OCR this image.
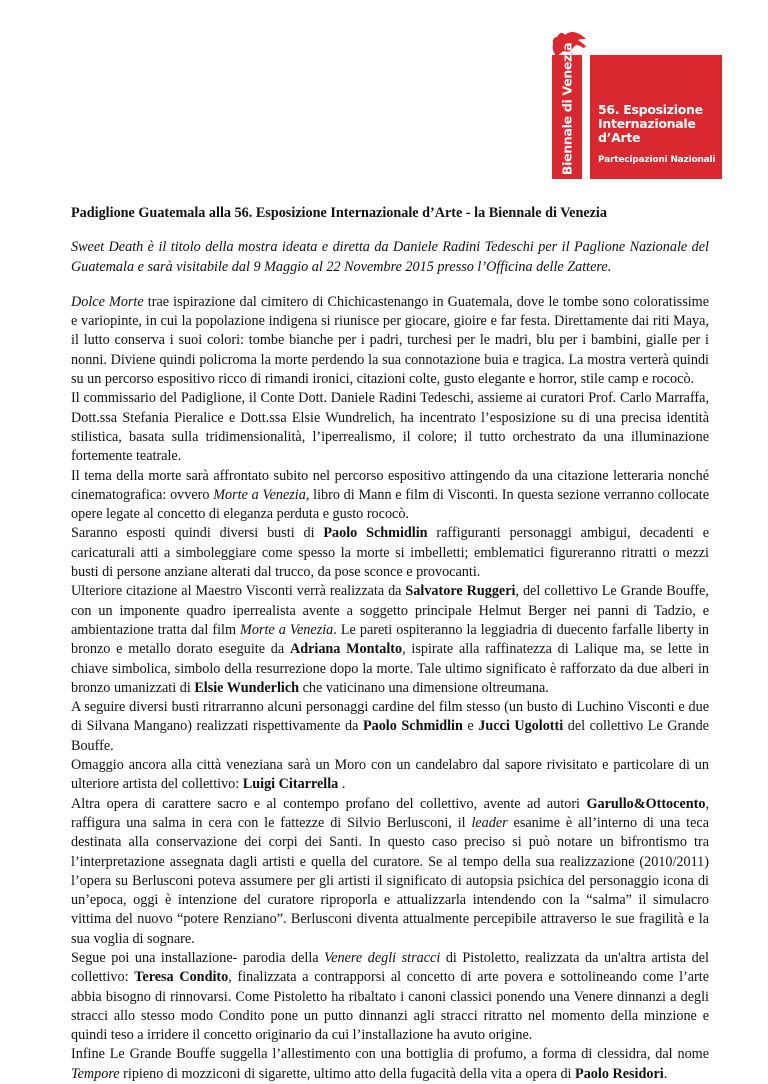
la Biennale di Venezia 56. Esposizione
Internazionale
d’Arte
Partecipazioni Nazionali

Padiglione Guatemala alla 56. Esposizione Internazionale d’Arte - la Biennale di Venezia

Sweet Death è il titolo della mostra ideata e diretta da Daniele Radini Tedeschi per il Paglione Nazionale del Guatemala e sarà visitabile dal 9 Maggio al 22 Novembre 2015 presso l’Officina delle Zattere.

Dolce Morte trae ispirazione dal cimitero di Chichicastenango in Guatemala, dove le tombe sono coloratissime e variopinte, in cui la popolazione indigena si riunisce per giocare, gioire e far festa. Direttamente dai riti Maya, il lutto conserva i suoi colori: tombe bianche per i padri, turchesi per le madri, blu per i bambini, gialle per i nonni. Diviene quindi policroma la morte perdendo la sua connotazione buia e tragica. La mostra verterà quindi su un percorso espositivo ricco di rimandi ironici, citazioni colte, gusto elegante e horror, stile camp e rococò.

Il commissario del Padiglione, il Conte Dott. Daniele Radini Tedeschi, assieme ai curatori Prof. Carlo Marraffa, Dott.ssa Stefania Pieralice e Dott.ssa Elsie Wundrelich, ha incentrato l’esposizione su di una precisa identità stilistica, basata sulla tridimensionalità, l’iperrealismo, il colore; il tutto orchestrato da una illuminazione fortemente teatrale.

Il tema della morte sarà affrontato subito nel percorso espositivo attingendo da una citazione letteraria nonché cinematografica: ovvero Morte a Venezia, libro di Mann e film di Visconti. In questa sezione verranno collocate opere legate al concetto di eleganza perduta e gusto rococò.

Saranno esposti quindi diversi busti di Paolo Schmidlin raffiguranti personaggi ambigui, decadenti e caricaturali atti a simboleggiare come spesso la morte si imbelletti; emblematici figureranno ritratti o mezzi busti di persone anziane alterati dal trucco, da pose sconce e provocanti.

Ulteriore citazione al Maestro Visconti verrà realizzata da Salvatore Ruggeri, del collettivo Le Grande Bouffe, con un imponente quadro iperrealista avente a soggetto principale Helmut Berger nei panni di Tadzio, e ambientazione tratta dal film Morte a Venezia. Le pareti ospiteranno la leggiadria di duecento farfalle liberty in bronzo e metallo dorato eseguite da Adriana Montalto, ispirate alla raffinatezza di Lalique ma, se lette in chiave simbolica, simbolo della resurrezione dopo la morte. Tale ultimo significato è rafforzato da due alberi in bronzo umanizzati di Elsie Wunderlich che vaticinano una dimensione oltreumana.

A seguire diversi busti ritrarranno alcuni personaggi cardine del film stesso (un busto di Luchino Visconti e due di Silvana Mangano) realizzati rispettivamente da Paolo Schmidlin e Jucci Ugolotti del collettivo Le Grande Bouffe.

Omaggio ancora alla città veneziana sarà un Moro con un candelabro dal sapore rivisitato e particolare di un ulteriore artista del collettivo: Luigi Citarrella .

Altra opera di carattere sacro e al contempo profano del collettivo, avente ad autori Garullo&Ottocento, raffigura una salma in cera con le fattezze di Silvio Berlusconi, il leader esanime è all’interno di una teca destinata alla conservazione dei corpi dei Santi. In questo caso preciso si può notare un bifrontismo tra l’interpretazione assegnata dagli artisti e quella del curatore. Se al tempo della sua realizzazione (2010/2011) l’opera su Berlusconi poteva assumere per gli artisti il significato di autopsia psichica del personaggio icona di un’epoca, oggi è intenzione del curatore riproporla e attualizzarla intendendo con la “salma” il simulacro vittima del nuovo “potere Renziano”. Berlusconi diventa attualmente percepibile attraverso le sue fragilità e la sua voglia di sognare.

Segue poi una installazione- parodia della Venere degli stracci di Pistoletto, realizzata da un'altra artista del collettivo: Teresa Condito, finalizzata a contrapporsi al concetto di arte povera e sottolineando come l’arte abbia bisogno di rinnovarsi. Come Pistoletto ha ribaltato i canoni classici ponendo una Venere dinnanzi a degli stracci allo stesso modo Condito pone un putto dinnanzi agli stracci ritratto nel momento della minzione e quindi teso a irridere il concetto originario da cui l’installazione ha avuto origine.

Infine Le Grande Bouffe suggella l’allestimento con una bottiglia di profumo, a forma di clessidra, dal nome Tempore ripieno di mozziconi di sigarette, ultimo atto della fugacità della vita a opera di Paolo Residori.
